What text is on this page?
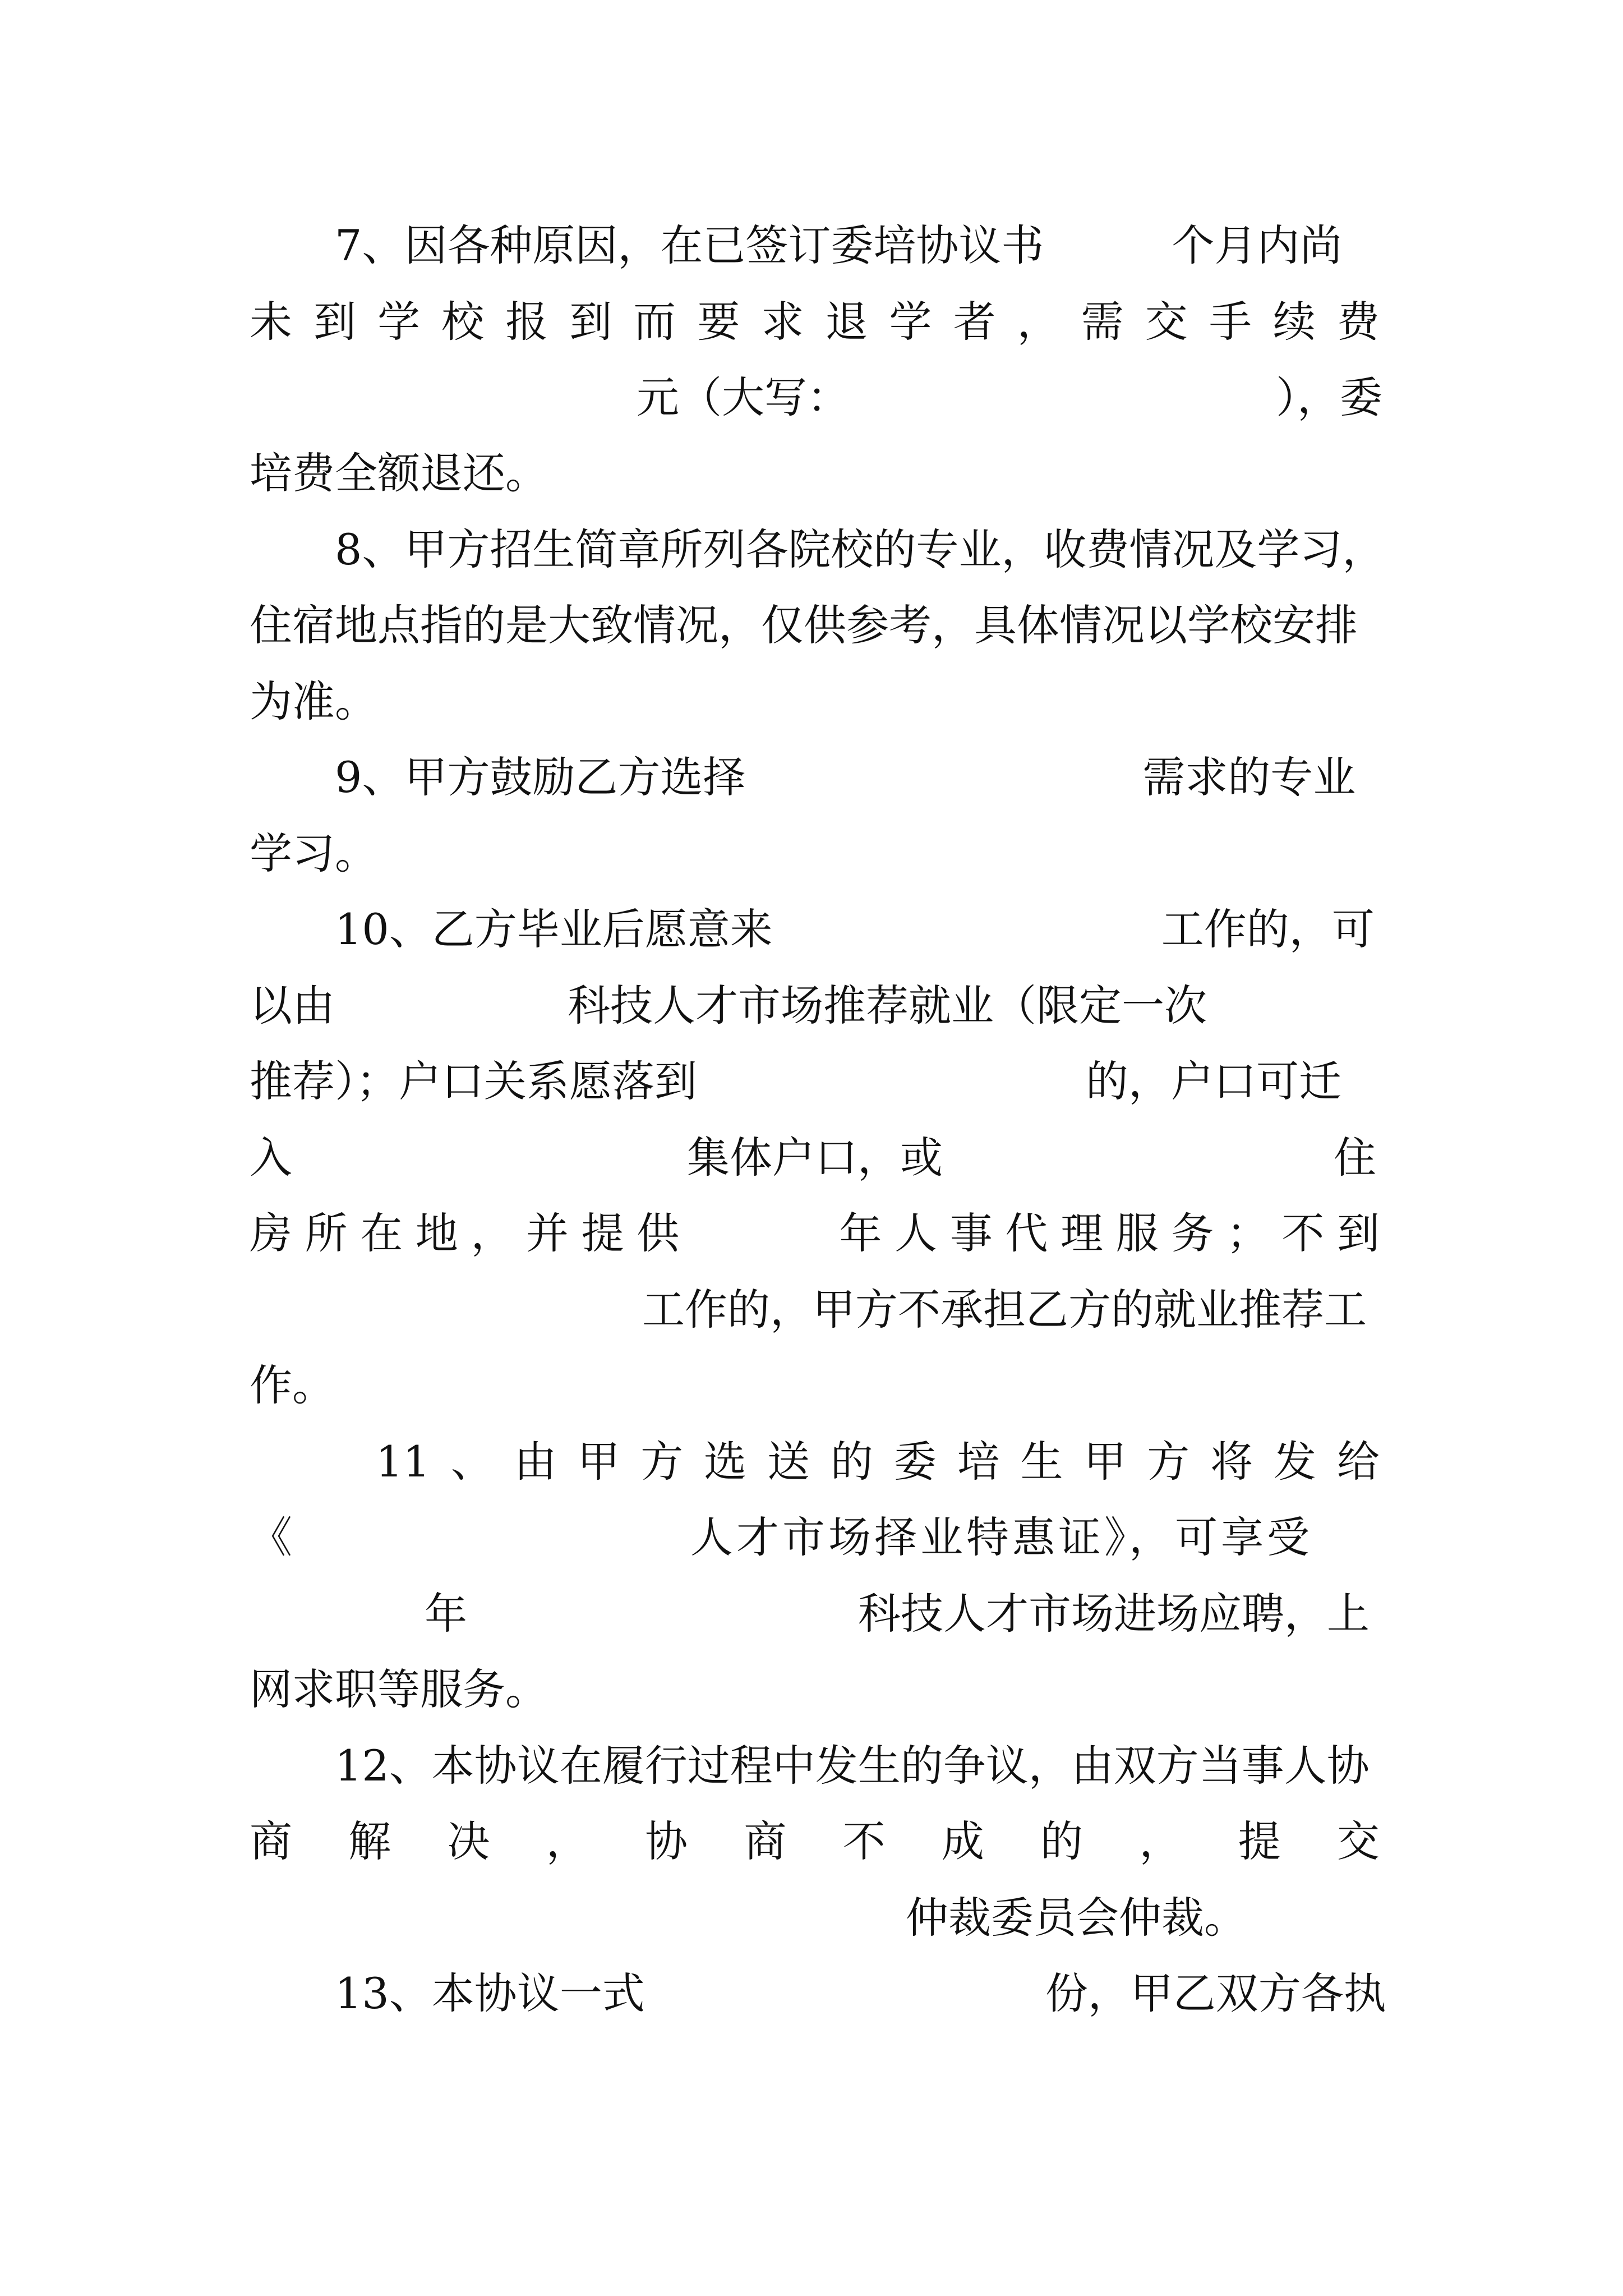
7、因各种原因，在已签订委培协议书	个月内尚
未 到 学 校 报 到 而 要 求 退 学 者 ， 需 交 手 续 费
元（大写：	），委
培费全额退还。
8、甲方招生简章所列各院校的专业，收费情况及学习，
住宿地点指的是大致情况，仅供参考，具体情况以学校安排
为准。
9、甲方鼓励乙方选择	需求的专业
学习。
10、乙方毕业后愿意来	工作的，可
以由	科技人才市场推荐就业（限定一次
推荐）；户口关系愿落到	的，户口可迁
入	集体户口，或	住
房 所 在 地 ， 并 提 供	年 人 事 代 理 服 务 ； 不 到
工作的，甲方不承担乙方的就业推荐工
作。
11 、 由 甲 方 选 送 的 委 培 生 甲 方 将 发 给
《	人才市场择业特惠证》，可享受
年	科技人才市场进场应聘，上
网求职等服务。
12、本协议在履行过程中发生的争议，由双方当事人协
商 解 决 ， 协 商 不 成 的 ， 提 交
仲裁委员会仲裁。
13、本协议一式	份，甲乙双方各执
